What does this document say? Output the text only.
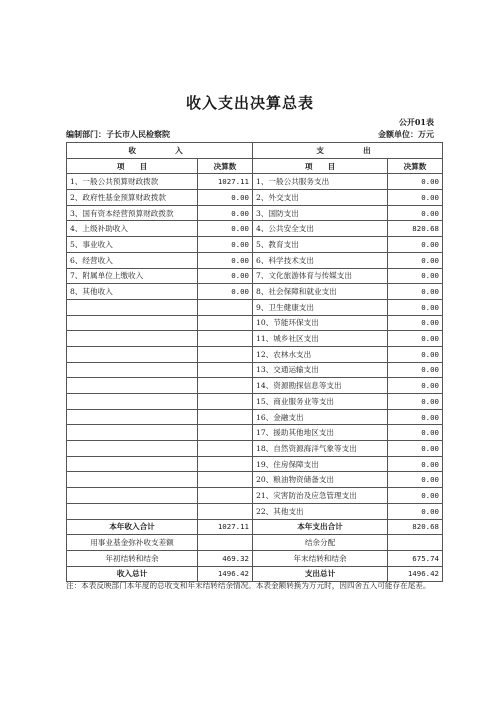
收入支出决算总表
公开01表
编制部门：子长市人民检察院	金额单位：万元
收　　入		支　　出	
项　　目	决算数	项　　目	决算数
1、一般公共预算财政拨款	1027.11	1、一般公共服务支出	0.00
2、政府性基金预算财政拨款	0.00	2、外交支出	0.00
3、国有资本经营预算财政拨款	0.00	3、国防支出	0.00
4、上级补助收入	0.00	4、公共安全支出	820.68
5、事业收入	0.00	5、教育支出	0.00
6、经营收入	0.00	6、科学技术支出	0.00
7、附属单位上缴收入	0.00	7、文化旅游体育与传媒支出	0.00
8、其他收入	0.00	8、社会保障和就业支出	0.00
		9、卫生健康支出	0.00
		10、节能环保支出	0.00
		11、城乡社区支出	0.00
		12、农林水支出	0.00
		13、交通运输支出	0.00
		14、资源勘探信息等支出	0.00
		15、商业服务业等支出	0.00
		16、金融支出	0.00
		17、援助其他地区支出	0.00
		18、自然资源海洋气象等支出	0.00
		19、住房保障支出	0.00
		20、粮油物资储备支出	0.00
		21、灾害防治及应急管理支出	0.00
		22、其他支出	0.00
本年收入合计	1027.11	本年支出合计	820.68
用事业基金弥补收支差额		结余分配	
年初结转和结余	469.32	年末结转和结余	675.74
收入总计	1496.42	支出总计	1496.42
注：本表反映部门本年度的总收支和年末结转结余情况。本表金额转换为万元时，因四舍五入可能存在尾差。
